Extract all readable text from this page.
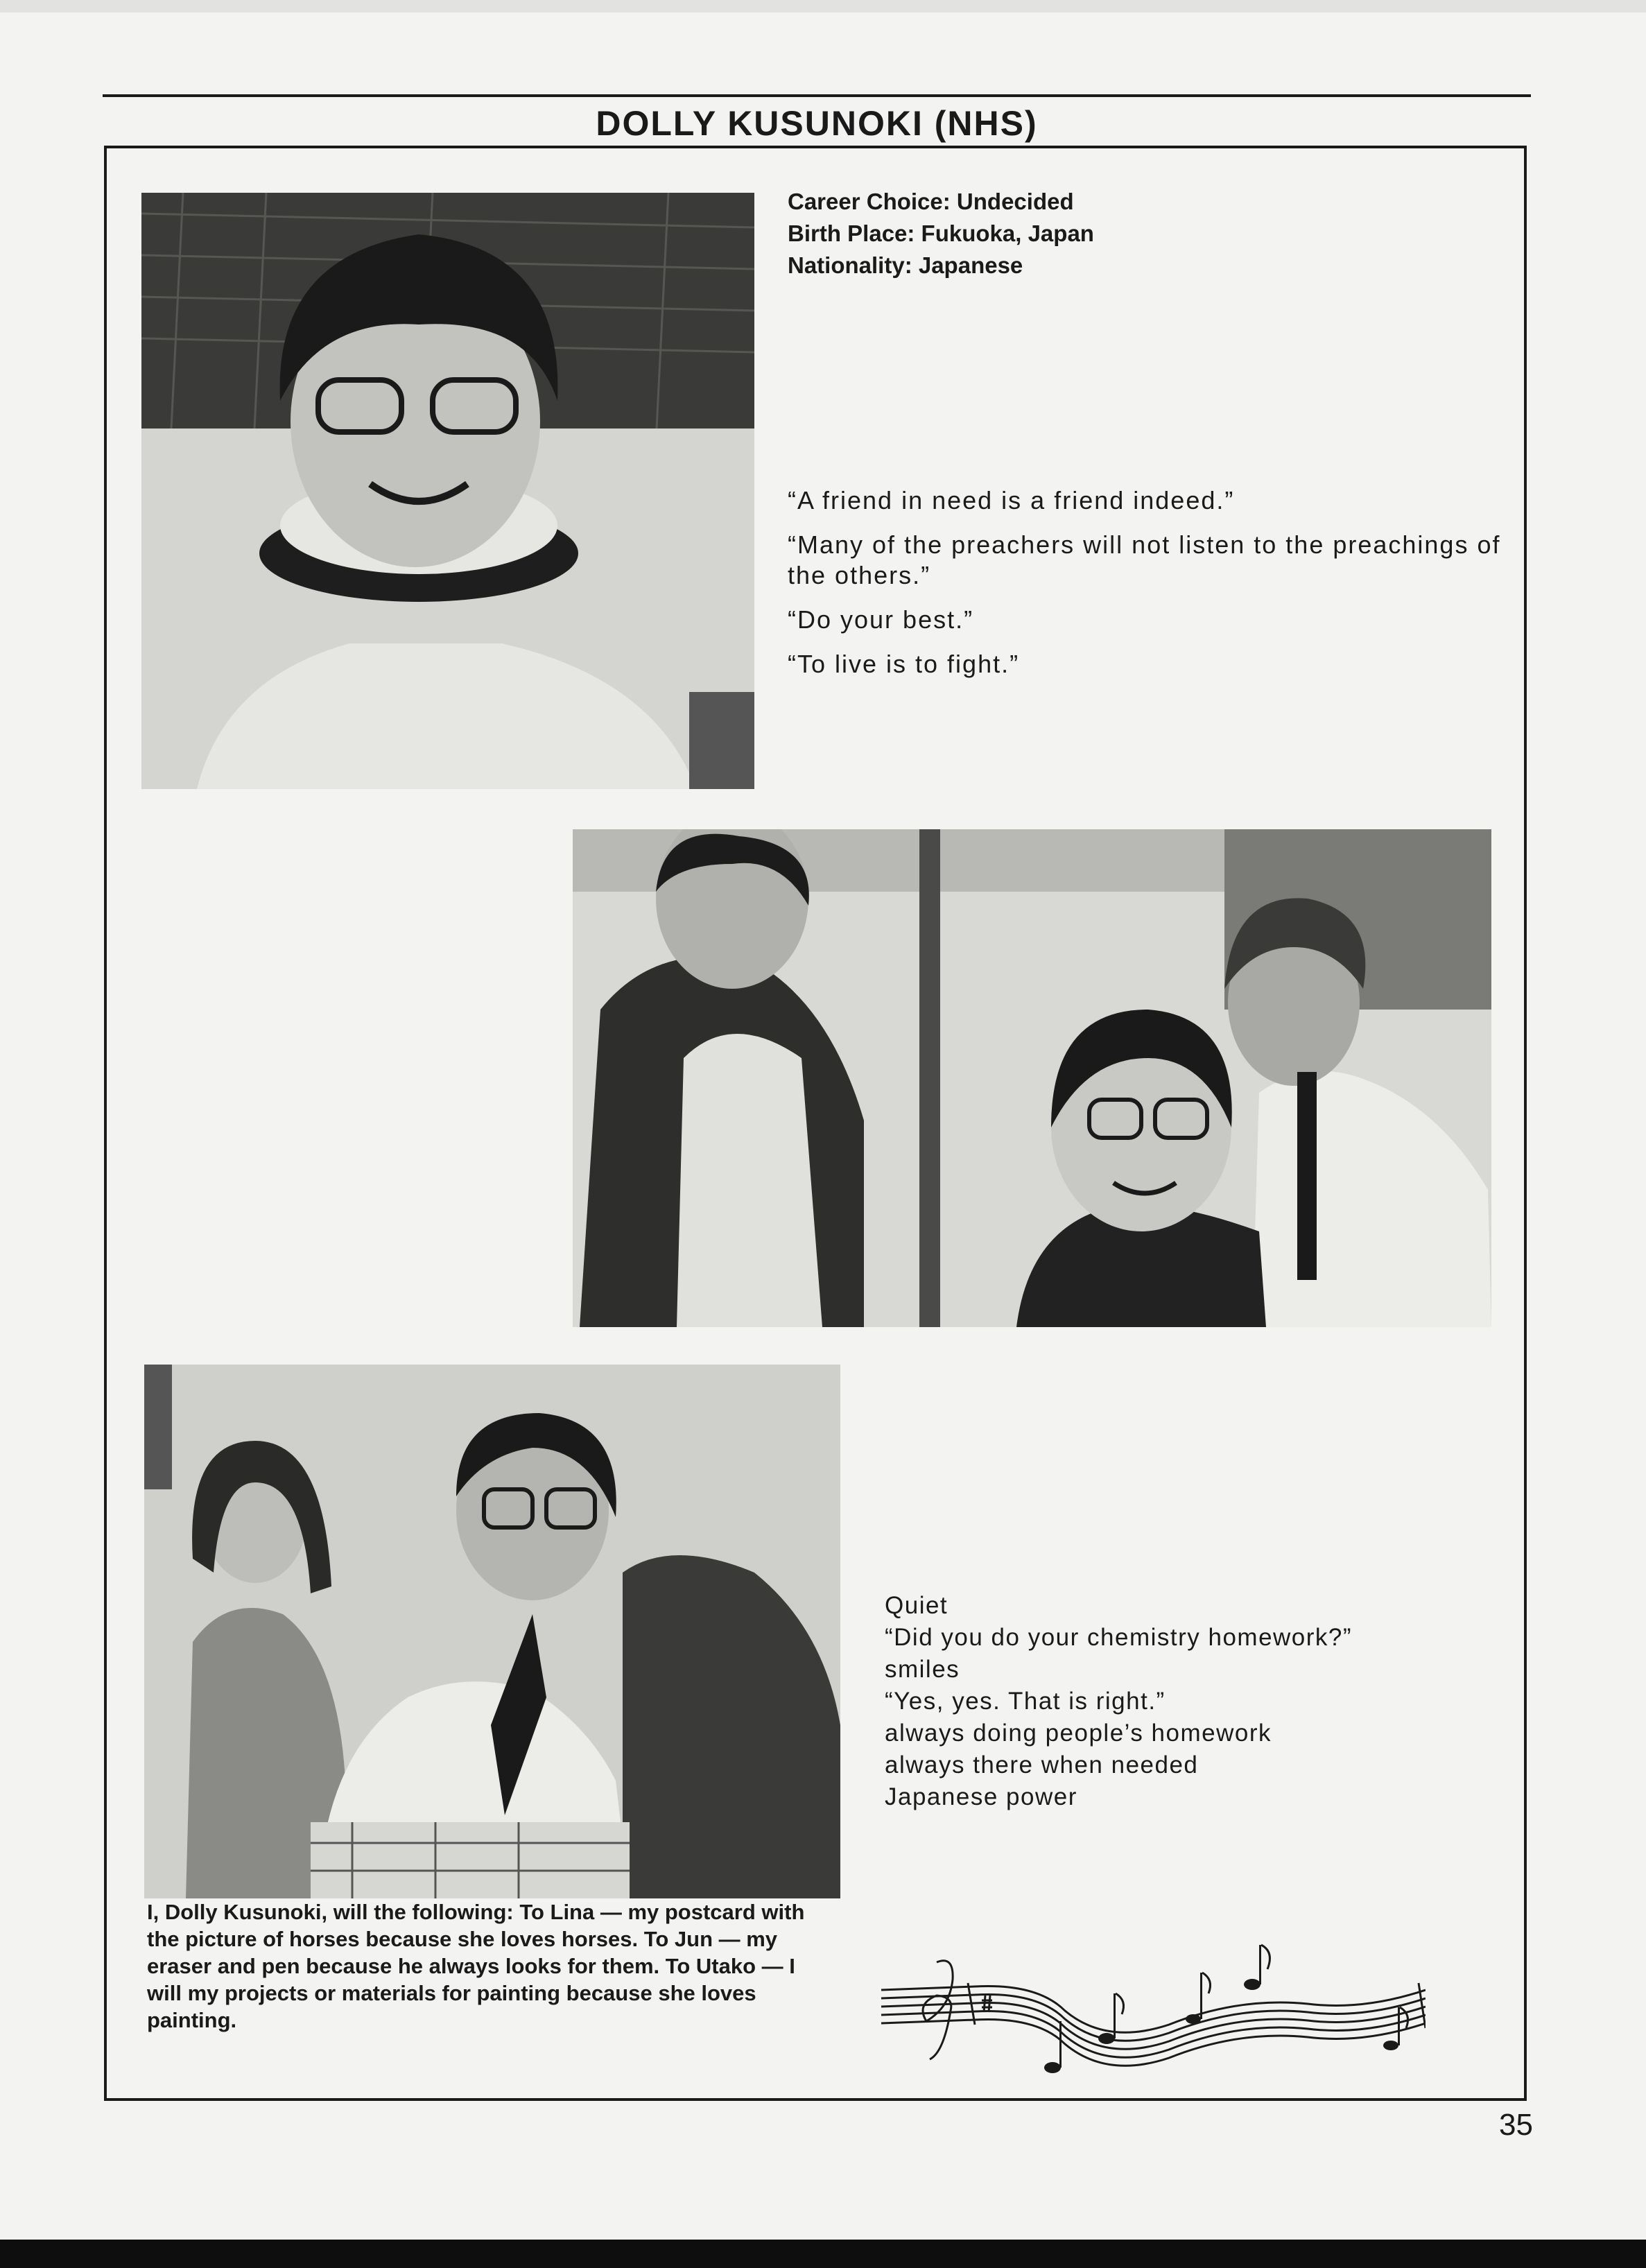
DOLLY KUSUNOKI (NHS)
Career Choice: Undecided
Birth Place: Fukuoka, Japan
Nationality: Japanese

“A friend in need is a friend indeed.”

“Many of the preachers will not listen to the preachings of the others.”

“Do your best.”

“To live is to fight.”

Quiet
“Did you do your chemistry homework?”
smiles
“Yes, yes. That is right.”
always doing people’s homework
always there when needed
Japanese power
I, Dolly Kusunoki, will the following: To Lina — my postcard with the picture of horses because she loves horses. To Jun — my eraser and pen because he always looks for them. To Utako — I will my projects or materials for painting because she loves painting.
35
